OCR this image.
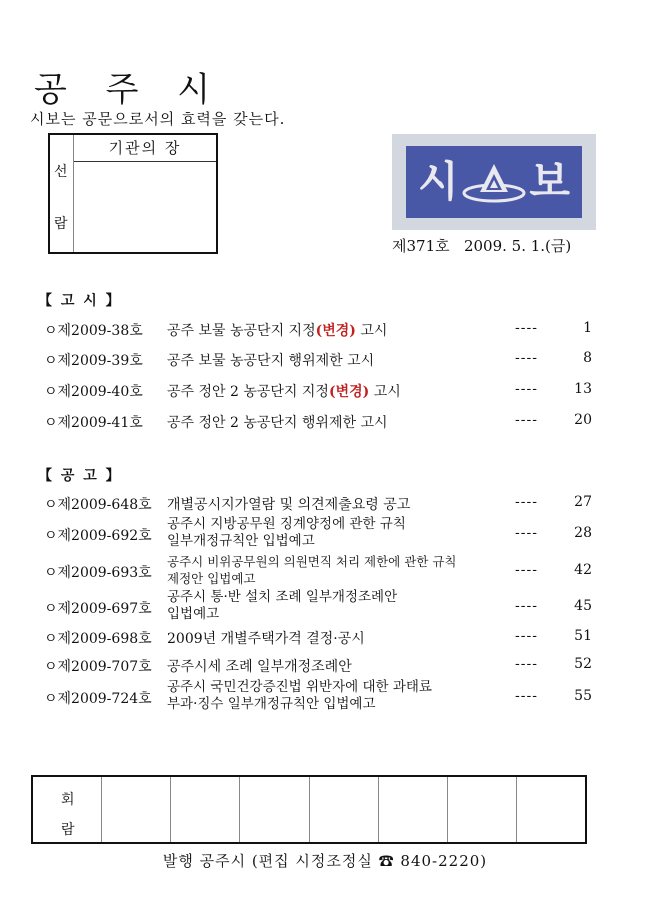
공 주 시
시보는 공문으로서의 효력을 갖는다.
선
람
기관의 장
시 보
제371호 2009. 5. 1.(금)
【 고 시 】
ㅇ제2009-38호 공주 보물 농공단지 지정(변경) 고시	----	1
ㅇ제2009-39호 공주 보물 농공단지 행위제한 고시	----	8
ㅇ제2009-40호 공주 정안 2 농공단지 지정(변경) 고시	----	13
ㅇ제2009-41호 공주 정안 2 농공단지 행위제한 고시	----	20
【 공 고 】
ㅇ제2009-648호 개별공시지가열람 및 의견제출요령 공고	----	27
ㅇ제2009-692호
공주시 지방공무원 징계양정에 관한 규칙
일부개정규칙안 입법예고	----	28
ㅇ제2009-693호
공주시 비위공무원의 의원면직 처리 제한에 관한 규칙
제정안 입법예고
----	42
ㅇ제2009-697호
공주시 통·반 설치 조례 일부개정조례안
입법예고	----	45
ㅇ제2009-698호 2009년 개별주택가격 결정·공시	----	51
ㅇ제2009-707호 공주시세 조례 일부개정조례안	----	52
ㅇ제2009-724호
공주시 국민건강증진법 위반자에 대한 과태료
부과·징수 일부개정규칙안 입법예고	----	55
회
람
발행 공주시 (편집 시정조정실 ☎ 840-2220)
